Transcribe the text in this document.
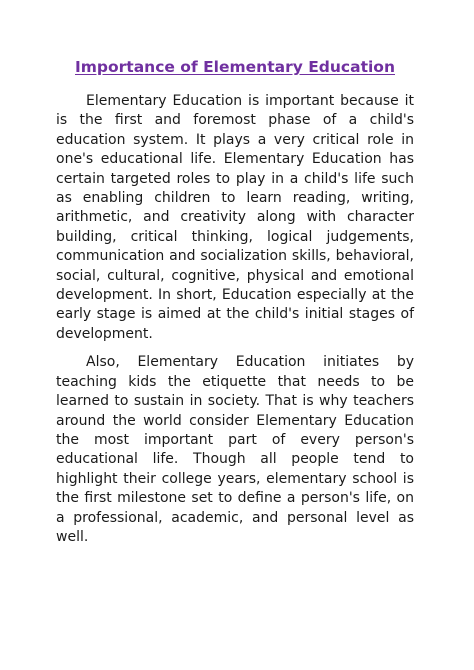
Importance of Elementary Education

Elementary Education is important because it is the first and foremost phase of a child's education system. It plays a very critical role in one's educational life. Elementary Education has certain targeted roles to play in a child's life such as enabling children to learn reading, writing, arithmetic, and creativity along with character building, critical thinking, logical judgements, communication and socialization skills, behavioral, social, cultural, cognitive, physical and emotional development. In short, Education especially at the early stage is aimed at the child's initial stages of development.

Also, Elementary Education initiates by teaching kids the etiquette that needs to be learned to sustain in society. That is why teachers around the world consider Elementary Education the most important part of every person's educational life. Though all people tend to highlight their college years, elementary school is the first milestone set to define a person's life, on a professional, academic, and personal level as well.
